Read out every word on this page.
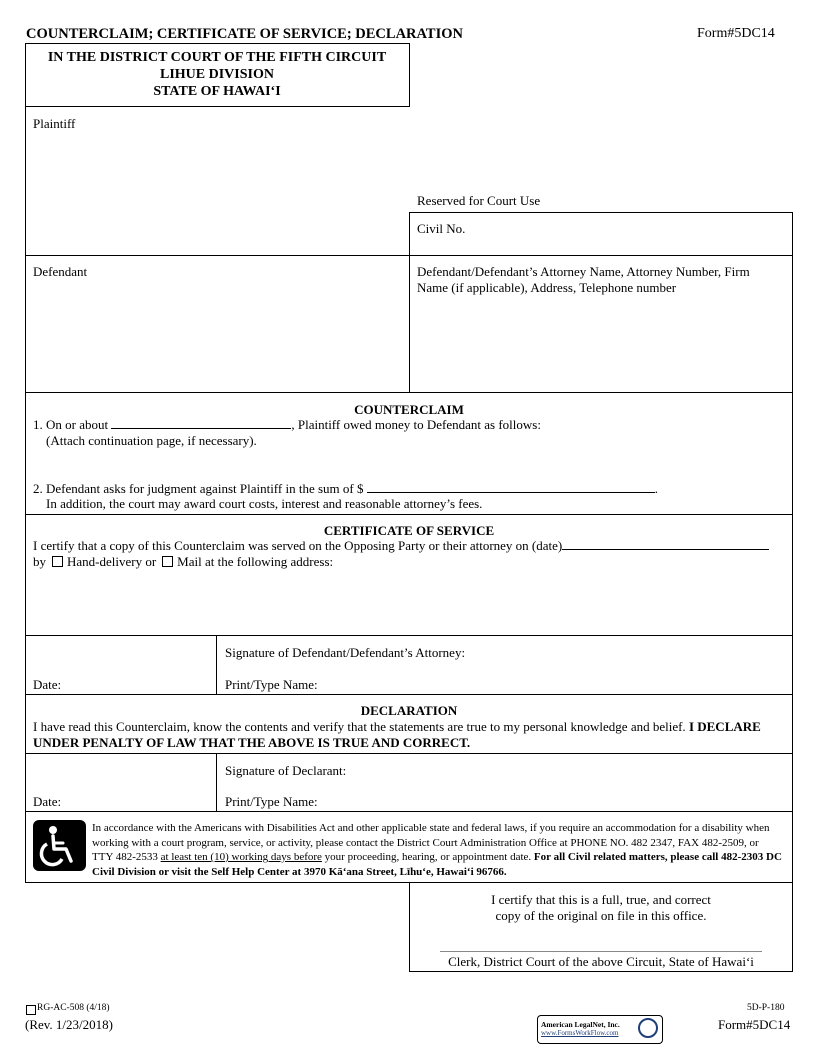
COUNTERCLAIM; CERTIFICATE OF SERVICE; DECLARATION	Form#5DC14
IN THE DISTRICT COURT OF THE FIFTH CIRCUIT
LIHUE DIVISION
STATE OF HAWAI‘I
Plaintiff
Reserved for Court Use
Civil No.
Defendant	Defendant/Defendant’s Attorney Name, Attorney Number, Firm Name (if applicable), Address, Telephone number
COUNTERCLAIM
1. On or about	, Plaintiff owed money to Defendant as follows:
(Attach continuation page, if necessary).
2. Defendant asks for judgment against Plaintiff in the sum of $	.
In addition, the court may award court costs, interest and reasonable attorney’s fees.
CERTIFICATE OF SERVICE
I certify that a copy of this Counterclaim was served on the Opposing Party or their attorney on (date)
by Hand-delivery or Mail at the following address:
Signature of Defendant/Defendant’s Attorney:
Date:	Print/Type Name:
DECLARATION
I have read this Counterclaim, know the contents and verify that the statements are true to my personal knowledge and belief. I DECLARE UNDER PENALTY OF LAW THAT THE ABOVE IS TRUE AND CORRECT.
Signature of Declarant:
Date:	Print/Type Name:
In accordance with the Americans with Disabilities Act and other applicable state and federal laws, if you require an accommodation for a disability when working with a court program, service, or activity, please contact the District Court Administration Office at PHONE NO. 482 2347, FAX 482-2509, or TTY 482-2533 at least ten (10) working days before your proceeding, hearing, or appointment date. For all Civil related matters, please call 482-2303 DC Civil Division or visit the Self Help Center at 3970 Kā‘ana Street, Līhu‘e, Hawai‘i 96766.
I certify that this is a full, true, and correct
copy of the original on file in this office.
Clerk, District Court of the above Circuit, State of Hawai‘i
RG-AC-508 (4/18)
(Rev. 1/23/2018)	American LegalNet, Inc.
www.FormsWorkFlow.com
5D-P-180
Form#5DC14
